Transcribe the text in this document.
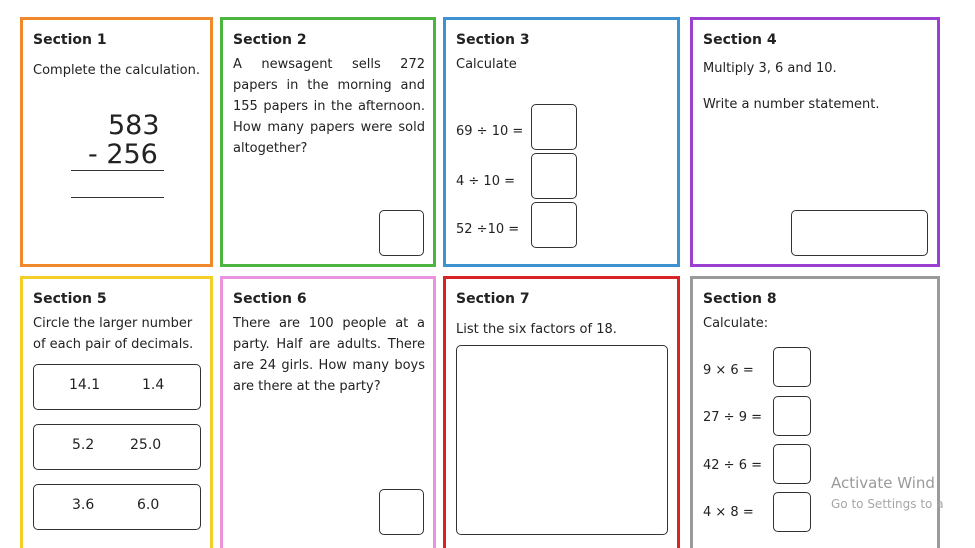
Section 1
Complete the calculation.
583
- 256
Section 2
A newsagent sells 272 papers in the morning and 155 papers in the afternoon. How many papers were sold altogether?
Section 3
Calculate
69 ÷ 10 =
4 ÷ 10 =
52 ÷10 =
Section 4
Multiply 3, 6 and 10.
Write a number statement.
Section 5
Circle the larger number of each pair of decimals.
14.1	1.4
5.2	25.0
3.6	6.0
Section 6
There are 100 people at a party. Half are adults. There are 24 girls. How many boys are there at the party?
Section 7
List the six factors of 18.
Section 8
Calculate:
9 × 6 =
27 ÷ 9 =
42 ÷ 6 =
4 × 8 =
Activate Wind
Go to Settings to a
